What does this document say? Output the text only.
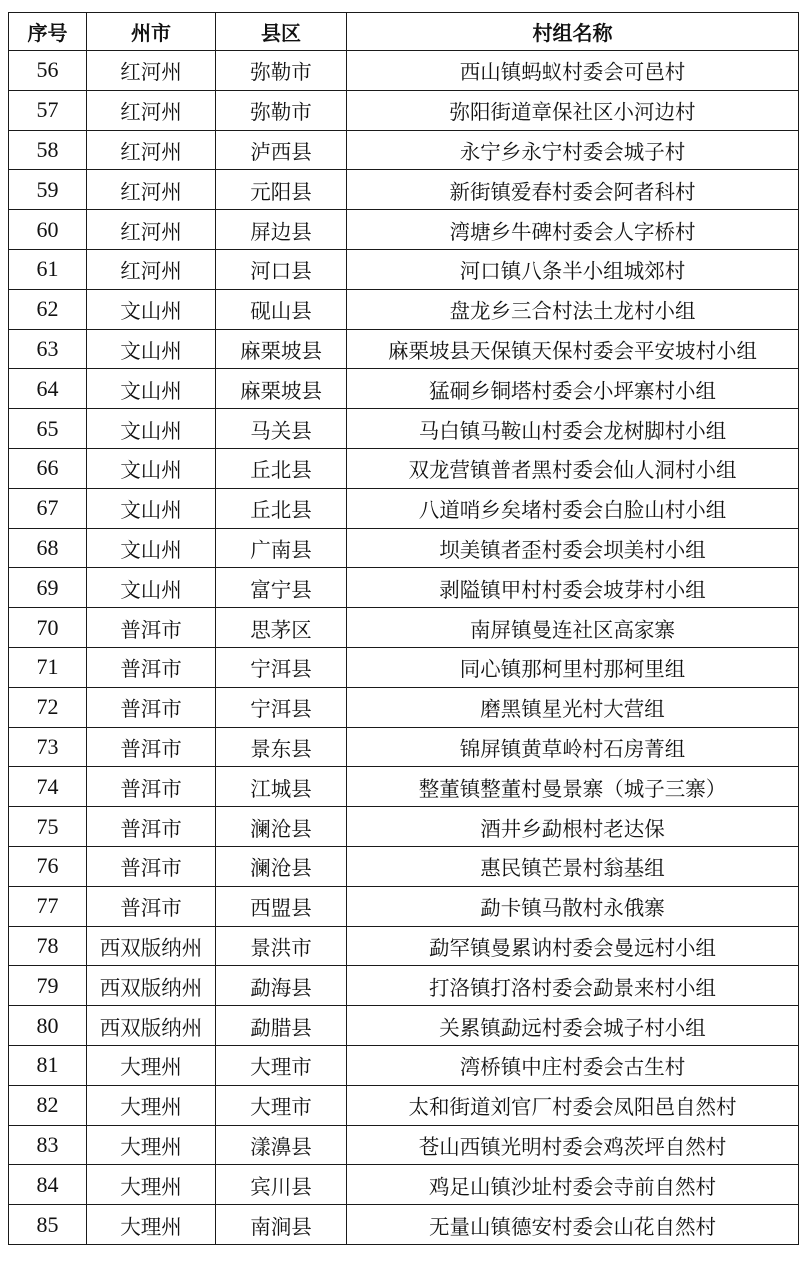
序号	州市	县区	村组名称
56	红河州	弥勒市	西山镇蚂蚁村委会可邑村
57	红河州	弥勒市	弥阳街道章保社区小河边村
58	红河州	泸西县	永宁乡永宁村委会城子村
59	红河州	元阳县	新街镇爱春村委会阿者科村
60	红河州	屏边县	湾塘乡牛碑村委会人字桥村
61	红河州	河口县	河口镇八条半小组城郊村
62	文山州	砚山县	盘龙乡三合村法土龙村小组
63	文山州	麻栗坡县	麻栗坡县天保镇天保村委会平安坡村小组
64	文山州	麻栗坡县	猛硐乡铜塔村委会小坪寨村小组
65	文山州	马关县	马白镇马鞍山村委会龙树脚村小组
66	文山州	丘北县	双龙营镇普者黑村委会仙人洞村小组
67	文山州	丘北县	八道哨乡矣堵村委会白脸山村小组
68	文山州	广南县	坝美镇者歪村委会坝美村小组
69	文山州	富宁县	剥隘镇甲村村委会坡芽村小组
70	普洱市	思茅区	南屏镇曼连社区高家寨
71	普洱市	宁洱县	同心镇那柯里村那柯里组
72	普洱市	宁洱县	磨黑镇星光村大营组
73	普洱市	景东县	锦屏镇黄草岭村石房菁组
74	普洱市	江城县	整董镇整董村曼景寨（城子三寨）
75	普洱市	澜沧县	酒井乡勐根村老达保
76	普洱市	澜沧县	惠民镇芒景村翁基组
77	普洱市	西盟县	勐卡镇马散村永俄寨
78	西双版纳州	景洪市	勐罕镇曼累讷村委会曼远村小组
79	西双版纳州	勐海县	打洛镇打洛村委会勐景来村小组
80	西双版纳州	勐腊县	关累镇勐远村委会城子村小组
81	大理州	大理市	湾桥镇中庄村委会古生村
82	大理州	大理市	太和街道刘官厂村委会凤阳邑自然村
83	大理州	漾濞县	苍山西镇光明村委会鸡茨坪自然村
84	大理州	宾川县	鸡足山镇沙址村委会寺前自然村
85	大理州	南涧县	无量山镇德安村委会山花自然村
